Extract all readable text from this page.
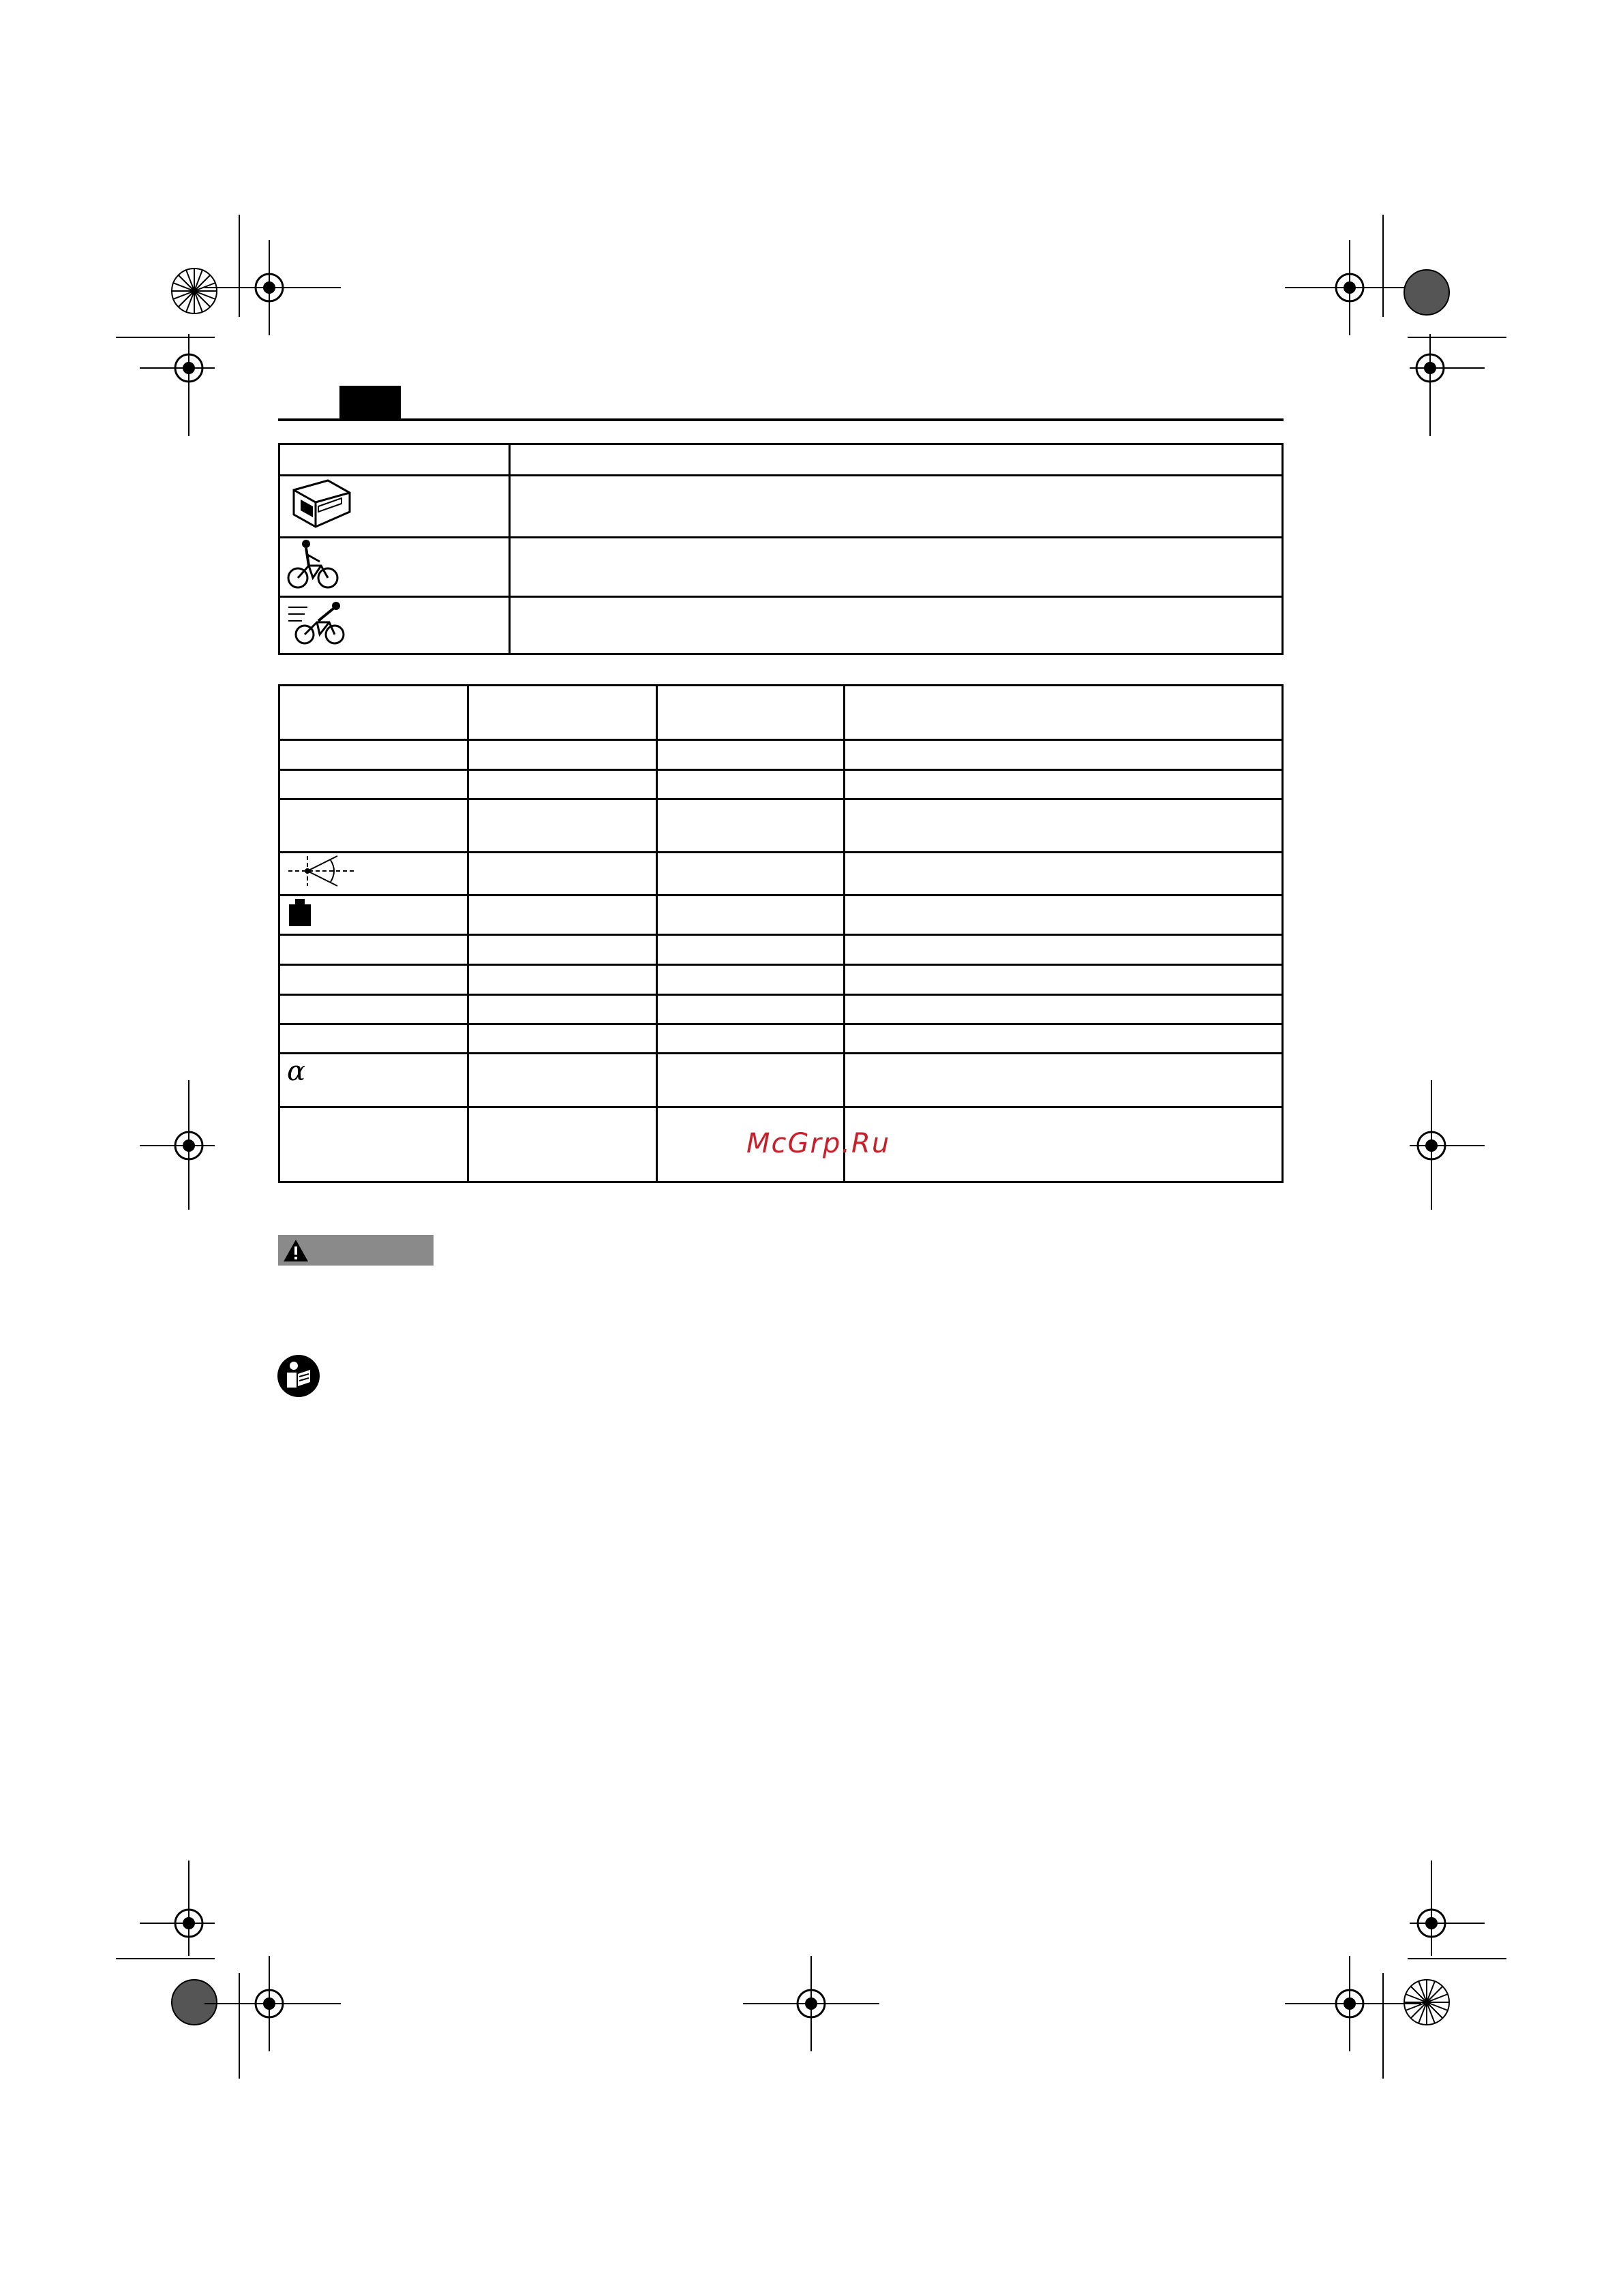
α			

McGrp.Ru
